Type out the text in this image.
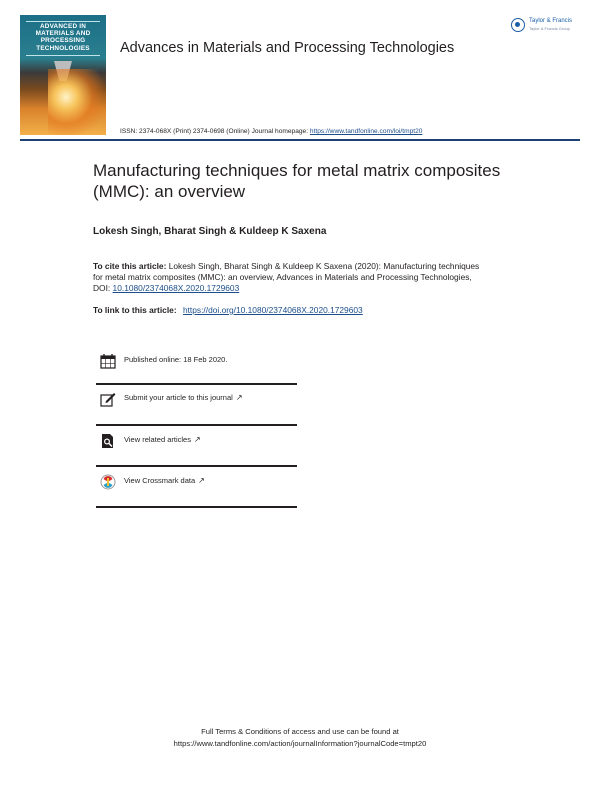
ADVANCED IN
MATERIALS AND
PROCESSING
TECHNOLOGIES
Taylor & Francis
Taylor & Francis Group
Advances in Materials and Processing Technologies
ISSN: 2374-068X (Print) 2374-0698 (Online) Journal homepage: https://www.tandfonline.com/loi/tmpt20
Manufacturing techniques for metal matrix composites (MMC): an overview
Lokesh Singh, Bharat Singh & Kuldeep K Saxena
To cite this article: Lokesh Singh, Bharat Singh & Kuldeep K Saxena (2020): Manufacturing techniques for metal matrix composites (MMC): an overview, Advances in Materials and Processing Technologies, DOI: 10.1080/2374068X.2020.1729603
To link to this article: https://doi.org/10.1080/2374068X.2020.1729603
Published online: 18 Feb 2020.
Submit your article to this journal ↗
View related articles ↗
View Crossmark data ↗
Full Terms & Conditions of access and use can be found at
https://www.tandfonline.com/action/journalInformation?journalCode=tmpt20
